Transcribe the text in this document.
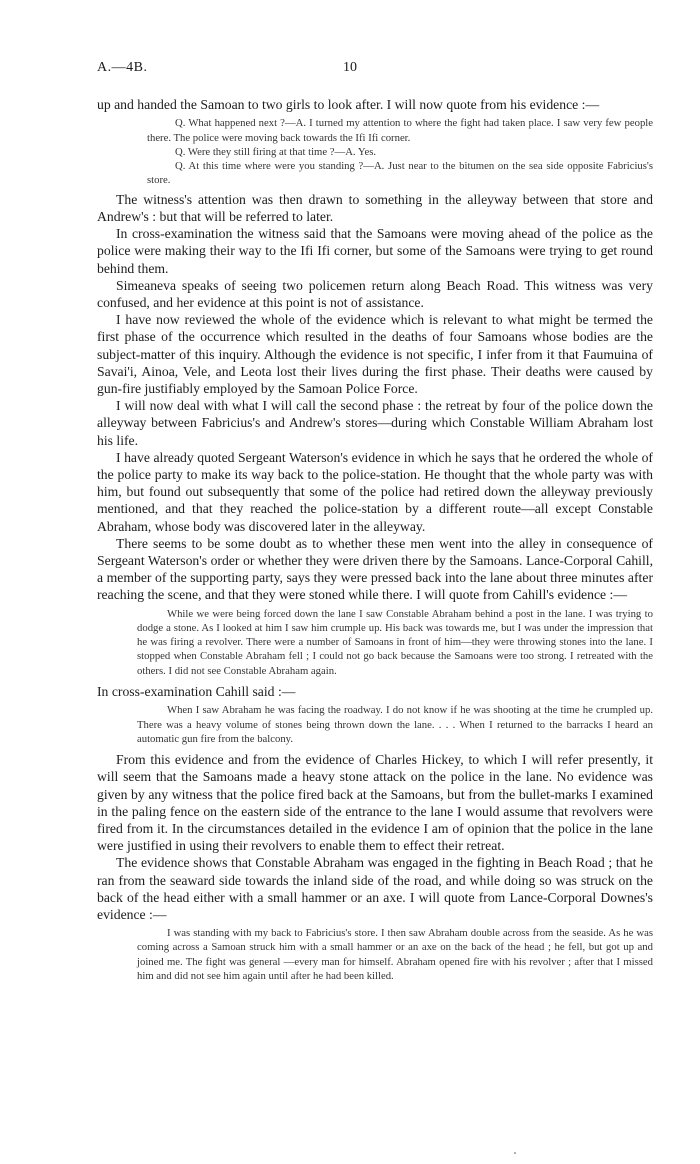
A.—4B.	10

up and handed the Samoan to two girls to look after. I will now quote from his evidence :—

Q. What happened next ?—A. I turned my attention to where the fight had taken place. I saw very few people there. The police were moving back towards the Ifi Ifi corner.

Q. Were they still firing at that time ?—A. Yes.

Q. At this time where were you standing ?—A. Just near to the bitumen on the sea side opposite Fabricius's store.

The witness's attention was then drawn to something in the alleyway between that store and Andrew's : but that will be referred to later.

In cross-examination the witness said that the Samoans were moving ahead of the police as the police were making their way to the Ifi Ifi corner, but some of the Samoans were trying to get round behind them.

Simeaneva speaks of seeing two policemen return along Beach Road. This witness was very confused, and her evidence at this point is not of assistance.

I have now reviewed the whole of the evidence which is relevant to what might be termed the first phase of the occurrence which resulted in the deaths of four Samoans whose bodies are the subject-matter of this inquiry. Although the evidence is not specific, I infer from it that Faumuina of Savai'i, Ainoa, Vele, and Leota lost their lives during the first phase. Their deaths were caused by gun-fire justifiably employed by the Samoan Police Force.

I will now deal with what I will call the second phase : the retreat by four of the police down the alleyway between Fabricius's and Andrew's stores—during which Constable William Abraham lost his life.

I have already quoted Sergeant Waterson's evidence in which he says that he ordered the whole of the police party to make its way back to the police-station. He thought that the whole party was with him, but found out subsequently that some of the police had retired down the alleyway previously mentioned, and that they reached the police-station by a different route—all except Constable Abraham, whose body was discovered later in the alleyway.

There seems to be some doubt as to whether these men went into the alley in consequence of Sergeant Waterson's order or whether they were driven there by the Samoans. Lance-Corporal Cahill, a member of the supporting party, says they were pressed back into the lane about three minutes after reaching the scene, and that they were stoned while there. I will quote from Cahill's evidence :—

While we were being forced down the lane I saw Constable Abraham behind a post in the lane. I was trying to dodge a stone. As I looked at him I saw him crumple up. His back was towards me, but I was under the impression that he was firing a revolver. There were a number of Samoans in front of him—they were throwing stones into the lane. I stopped when Constable Abraham fell ; I could not go back because the Samoans were too strong. I retreated with the others. I did not see Constable Abraham again.

In cross-examination Cahill said :—

When I saw Abraham he was facing the roadway. I do not know if he was shooting at the time he crumpled up. There was a heavy volume of stones being thrown down the lane. . . . When I returned to the barracks I heard an automatic gun fire from the balcony.

From this evidence and from the evidence of Charles Hickey, to which I will refer presently, it will seem that the Samoans made a heavy stone attack on the police in the lane. No evidence was given by any witness that the police fired back at the Samoans, but from the bullet-marks I examined in the paling fence on the eastern side of the entrance to the lane I would assume that revolvers were fired from it. In the circumstances detailed in the evidence I am of opinion that the police in the lane were justified in using their revolvers to enable them to effect their retreat.

The evidence shows that Constable Abraham was engaged in the fighting in Beach Road ; that he ran from the seaward side towards the inland side of the road, and while doing so was struck on the back of the head either with a small hammer or an axe. I will quote from Lance-Corporal Downes's evidence :—

I was standing with my back to Fabricius's store. I then saw Abraham double across from the seaside. As he was coming across a Samoan struck him with a small hammer or an axe on the back of the head ; he fell, but got up and joined me. The fight was general —every man for himself. Abraham opened fire with his revolver ; after that I missed him and did not see him again until after he had been killed.
